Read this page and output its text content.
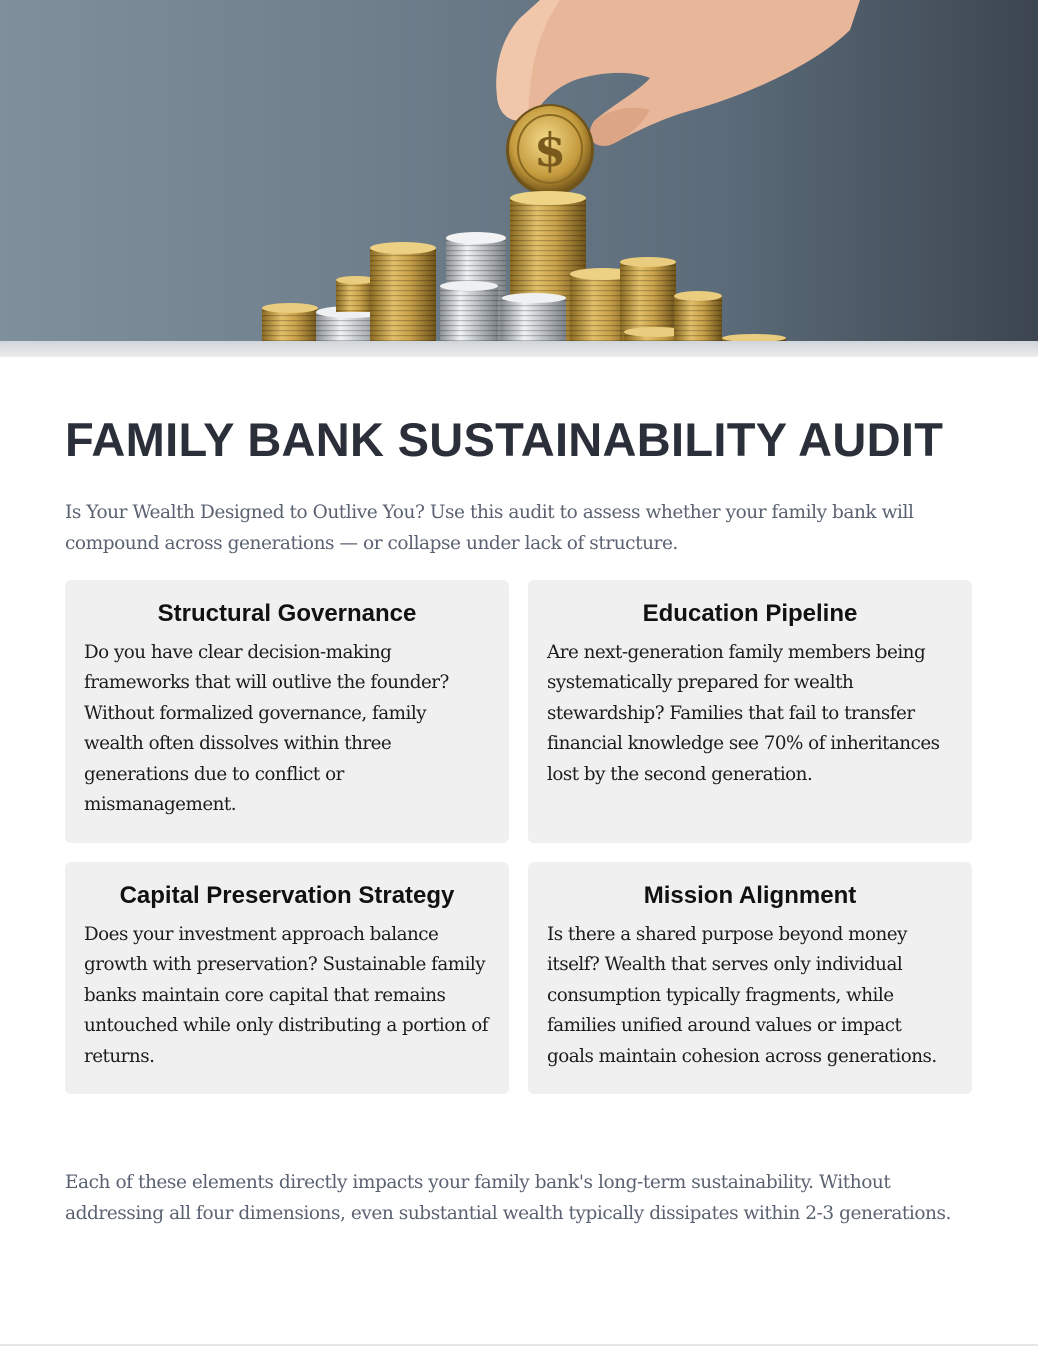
$
FAMILY BANK SUSTAINABILITY AUDIT

Is Your Wealth Designed to Outlive You? Use this audit to assess whether your family bank will compound across generations — or collapse under lack of structure.

Structural Governance

Do you have clear decision-making frameworks that will outlive the founder? Without formalized governance, family wealth often dissolves within three generations due to conflict or mismanagement.

Education Pipeline

Are next-generation family members being systematically prepared for wealth stewardship? Families that fail to transfer financial knowledge see 70% of inheritances lost by the second generation.

Capital Preservation Strategy

Does your investment approach balance growth with preservation? Sustainable family banks maintain core capital that remains untouched while only distributing a portion of returns.

Mission Alignment

Is there a shared purpose beyond money itself? Wealth that serves only individual consumption typically fragments, while families unified around values or impact goals maintain cohesion across generations.

Each of these elements directly impacts your family bank's long-term sustainability. Without addressing all four dimensions, even substantial wealth typically dissipates within 2-3 generations.
